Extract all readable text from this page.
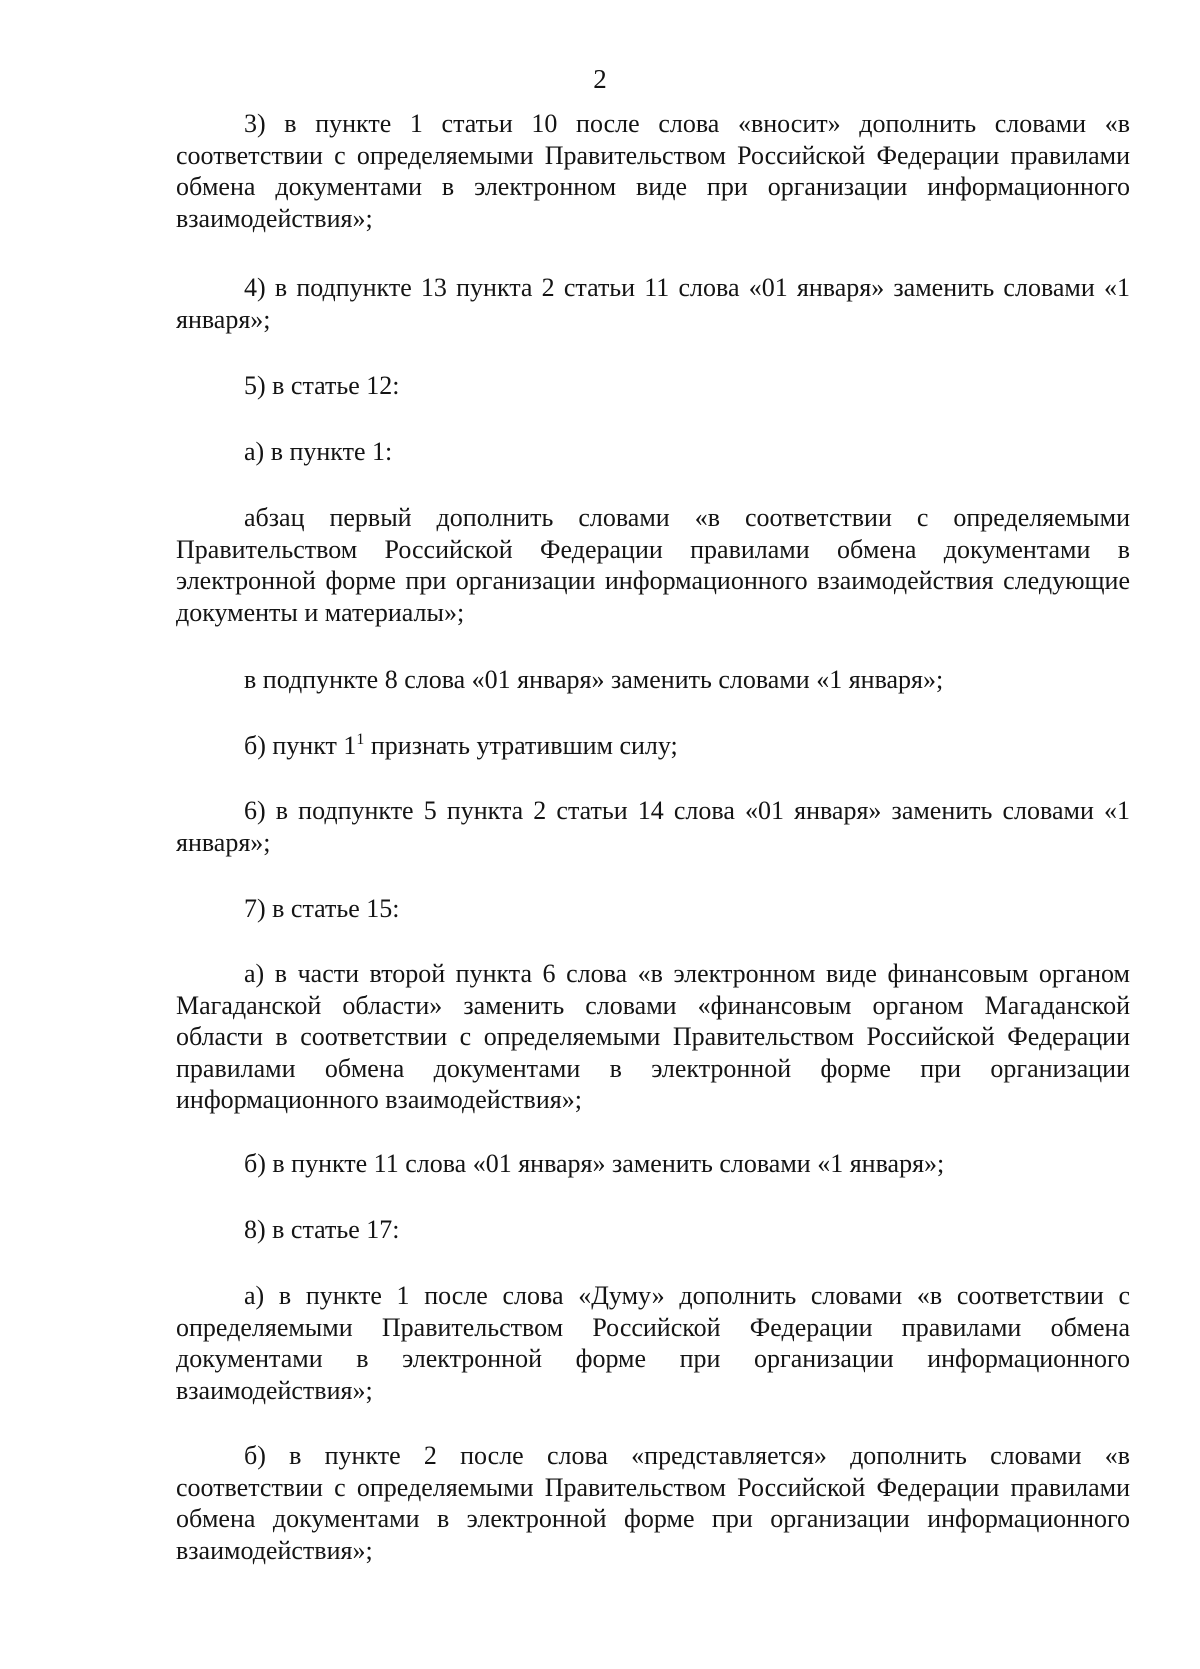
2

3) в пункте 1 статьи 10 после слова «вносит» дополнить словами «в соответствии с определяемыми Правительством Российской Федерации правилами обмена документами в электронном виде при организации информационного взаимодействия»;

4) в подпункте 13 пункта 2 статьи 11 слова «01 января» заменить словами «1 января»;

5) в статье 12:

а) в пункте 1:

абзац первый дополнить словами «в соответствии с определяемыми Правительством Российской Федерации правилами обмена документами в электронной форме при организации информационного взаимодействия следующие документы и материалы»;

в подпункте 8 слова «01 января» заменить словами «1 января»;

б) пункт $1^1$ признать утратившим силу;

6) в подпункте 5 пункта 2 статьи 14 слова «01 января» заменить словами «1 января»;

7) в статье 15:

а) в части второй пункта 6 слова «в электронном виде финансовым органом Магаданской области» заменить словами «финансовым органом Магаданской области в соответствии с определяемыми Правительством Российской Федерации правилами обмена документами в электронной форме при организации информационного взаимодействия»;

б) в пункте 11 слова «01 января» заменить словами «1 января»;

8) в статье 17:

а) в пункте 1 после слова «Думу» дополнить словами «в соответствии с определяемыми Правительством Российской Федерации правилами обмена документами в электронной форме при организации информационного взаимодействия»;

б) в пункте 2 после слова «представляется» дополнить словами «в соответствии с определяемыми Правительством Российской Федерации правилами обмена документами в электронной форме при организации информационного взаимодействия»;
